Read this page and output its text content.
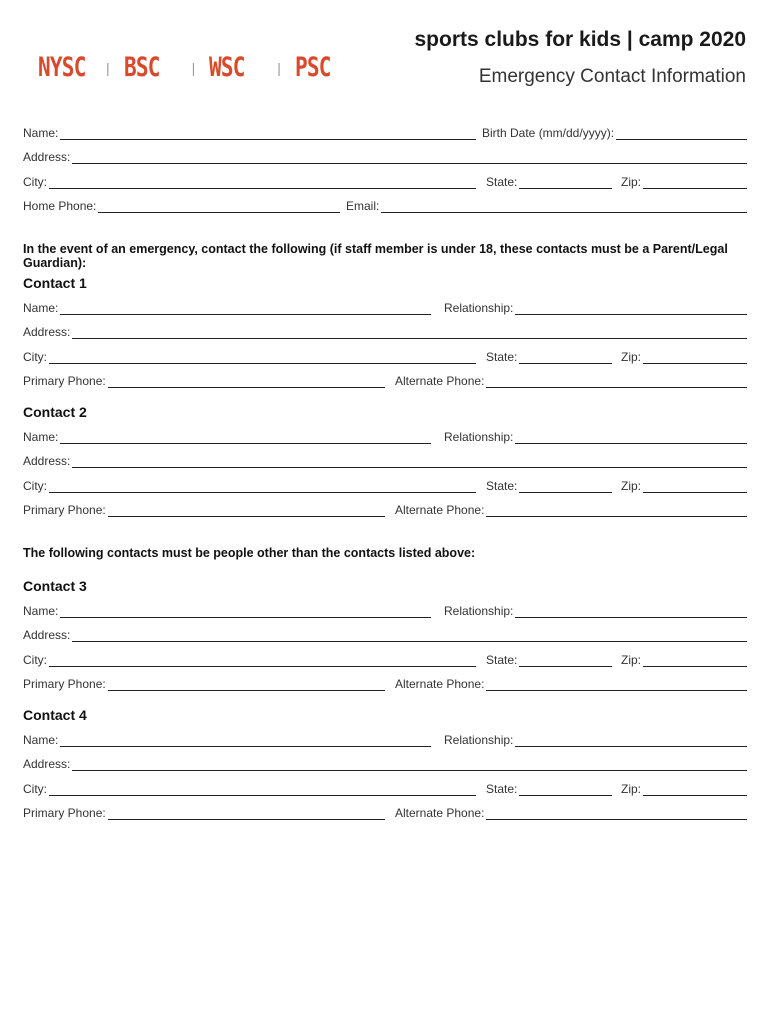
NYSC	| BSC	| WSC	| PSC
sports clubs for kids | camp 2020
Emergency Contact Information
Name:	Birth Date (mm/dd/yyyy):
Address:
City:	State:	Zip:
Home Phone:	Email:
In the event of an emergency, contact the following (if staff member is under 18, these contacts must be a Parent/Legal Guardian):
Contact 1
Name:	Relationship:
Address:
City:	State:	Zip:
Primary Phone:	Alternate Phone:
Contact 2
Name:	Relationship:
Address:
City:	State:	Zip:
Primary Phone:	Alternate Phone:
Contact 3
Name:	Relationship:
Address:
City:	State:	Zip:
Primary Phone:	Alternate Phone:
Contact 4
Name:	Relationship:
Address:
City:	State:	Zip:
Primary Phone:	Alternate Phone:
The following contacts must be people other than the contacts listed above:
